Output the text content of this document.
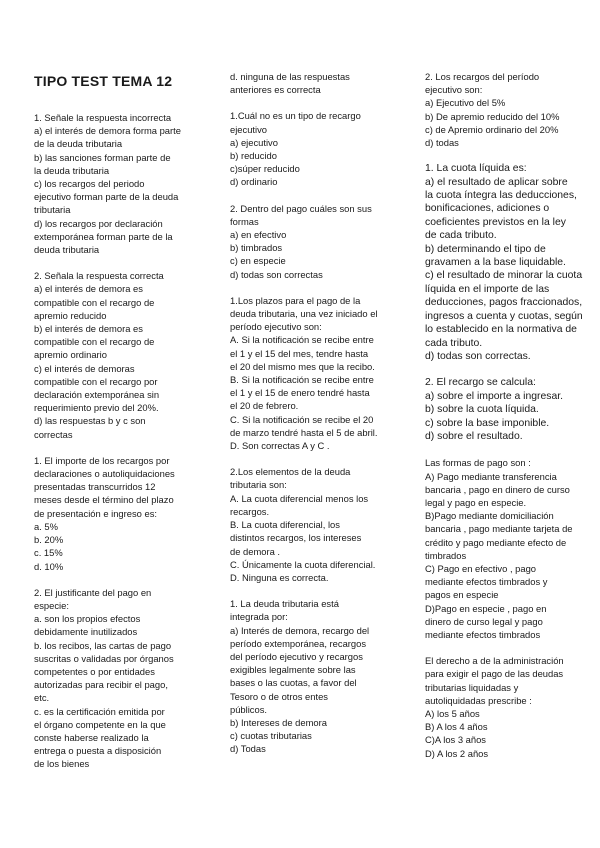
TIPO TEST TEMA 12
1. Señale la respuesta incorrecta
a) el interés de demora forma parte
de la deuda tributaria
b) las sanciones forman parte de
la deuda tributaria
c) los recargos del periodo
ejecutivo forman parte de la deuda
tributaria
d) los recargos por declaración
extemporánea forman parte de la
deuda tributaria
2. Señala la respuesta correcta
a) el interés de demora es
compatible con el recargo de
apremio reducido
b) el interés de demora es
compatible con el recargo de
apremio ordinario
c) el interés de demoras
compatible con el recargo por
declaración extemporánea sin
requerimiento previo del 20%.
d) las respuestas b y c son
correctas
1. El importe de los recargos por
declaraciones o autoliquidaciones
presentadas transcurridos 12
meses desde el término del plazo
de presentación e ingreso es:
a. 5%
b. 20%
c. 15%
d. 10%
2. El justificante del pago en
especie:
a. son los propios efectos
debidamente inutilizados
b. los recibos, las cartas de pago
suscritas o validadas por órganos
competentes o por entidades
autorizadas para recibir el pago,
etc.
c. es la certificación emitida por
el órgano competente en la que
conste haberse realizado la
entrega o puesta a disposición
de los bienes
d. ninguna de las respuestas
anteriores es correcta
1.Cuál no es un tipo de recargo
ejecutivo
a) ejecutivo
b) reducido
c)súper reducido
d) ordinario
2. Dentro del pago cuáles son sus
formas
a) en efectivo
b) timbrados
c) en especie
d) todas son correctas
1.Los plazos para el pago de la
deuda tributaria, una vez iniciado el
período ejecutivo son:
A. Si la notificación se recibe entre
el 1 y el 15 del mes, tendre hasta
el 20 del mismo mes que la recibo.
B. Si la notificación se recibe entre
el 1 y el 15 de enero tendré hasta
el 20 de febrero.
C. Si la notificación se recibe el 20
de marzo tendré hasta el 5 de abril.
D. Son correctas A y C .
2.Los elementos de la deuda
tributaria son:
A. La cuota diferencial menos los
recargos.
B. La cuota diferencial, los
distintos recargos, los intereses
de demora .
C. Únicamente la cuota diferencial.
D. Ninguna es correcta.
1. La deuda tributaria está
integrada por:
a) Interés de demora, recargo del
período extemporánea, recargos
del período ejecutivo y recargos
exigibles legalmente sobre las
bases o las cuotas, a favor del
Tesoro o de otros entes
públicos.
b) Intereses de demora
c) cuotas tributarias
d) Todas
2. Los recargos del período
ejecutivo son:
a) Ejecutivo del 5%
b) De apremio reducido del 10%
c) de Apremio ordinario del 20%
d) todas
1. La cuota líquida es:
a) el resultado de aplicar sobre
la cuota íntegra las deducciones,
bonificaciones, adiciones o
coeficientes previstos en la ley
de cada tributo.
b) determinando el tipo de
gravamen a la base liquidable.
c) el resultado de minorar la cuota
líquida en el importe de las
deducciones, pagos fraccionados,
ingresos a cuenta y cuotas, según
lo establecido en la normativa de
cada tributo.
d) todas son correctas.
2. El recargo se calcula:
a) sobre el importe a ingresar.
b) sobre la cuota líquida.
c) sobre la base imponible.
d) sobre el resultado.
Las formas de pago son :
A) Pago mediante transferencia
bancaria , pago en dinero de curso
legal y pago en especie.
B)Pago mediante domiciliación
bancaria , pago mediante tarjeta de
crédito y pago mediante efecto de
timbrados
C) Pago en efectivo , pago
mediante efectos timbrados y
pagos en especie
D)Pago en especie , pago en
dinero de curso legal y pago
mediante efectos timbrados
El derecho a de la administración
para exigir el pago de las deudas
tributarias liquidadas y
autoliquidadas prescribe :
A) los 5 años
B) A los 4 años
C)A los 3 años
D) A los 2 años
